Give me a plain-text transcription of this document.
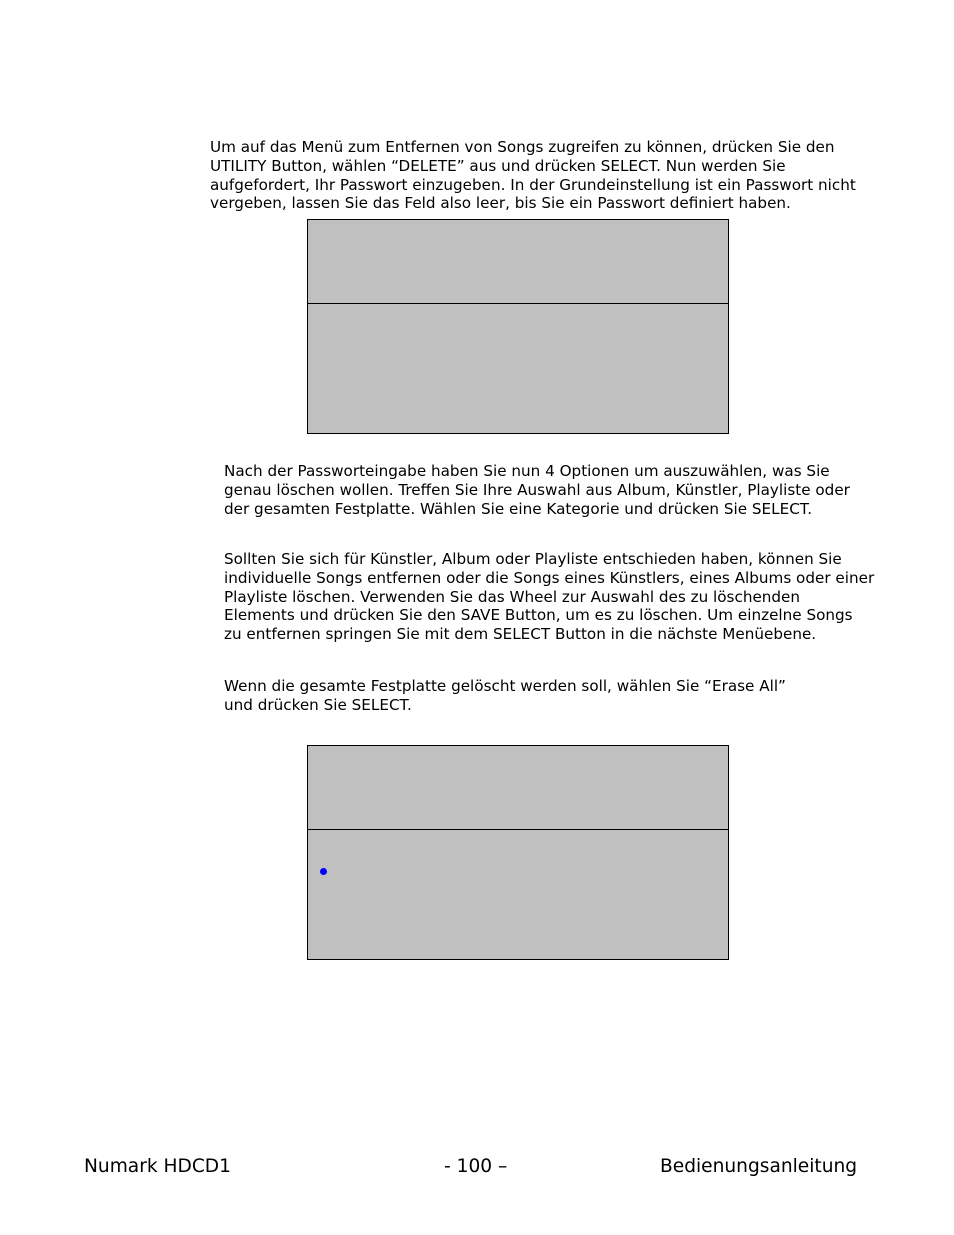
Um auf das Menü zum Entfernen von Songs zugreifen zu können, drücken Sie den
UTILITY Button, wählen “DELETE” aus und drücken SELECT. Nun werden Sie
aufgefordert, Ihr Passwort einzugeben. In der Grundeinstellung ist ein Passwort nicht
vergeben, lassen Sie das Feld also leer, bis Sie ein Passwort definiert haben.
Nach der Passworteingabe haben Sie nun 4 Optionen um auszuwählen, was Sie
genau löschen wollen. Treffen Sie Ihre Auswahl aus Album, Künstler, Playliste oder
der gesamten Festplatte. Wählen Sie eine Kategorie und drücken Sie SELECT.
Sollten Sie sich für Künstler, Album oder Playliste entschieden haben, können Sie
individuelle Songs entfernen oder die Songs eines Künstlers, eines Albums oder einer
Playliste löschen. Verwenden Sie das Wheel zur Auswahl des zu löschenden
Elements und drücken Sie den SAVE Button, um es zu löschen. Um einzelne Songs
zu entfernen springen Sie mit dem SELECT Button in die nächste Menüebene.
Wenn die gesamte Festplatte gelöscht werden soll, wählen Sie “Erase All”
und drücken Sie SELECT.
Numark HDCD1	- 100 –	Bedienungsanleitung
